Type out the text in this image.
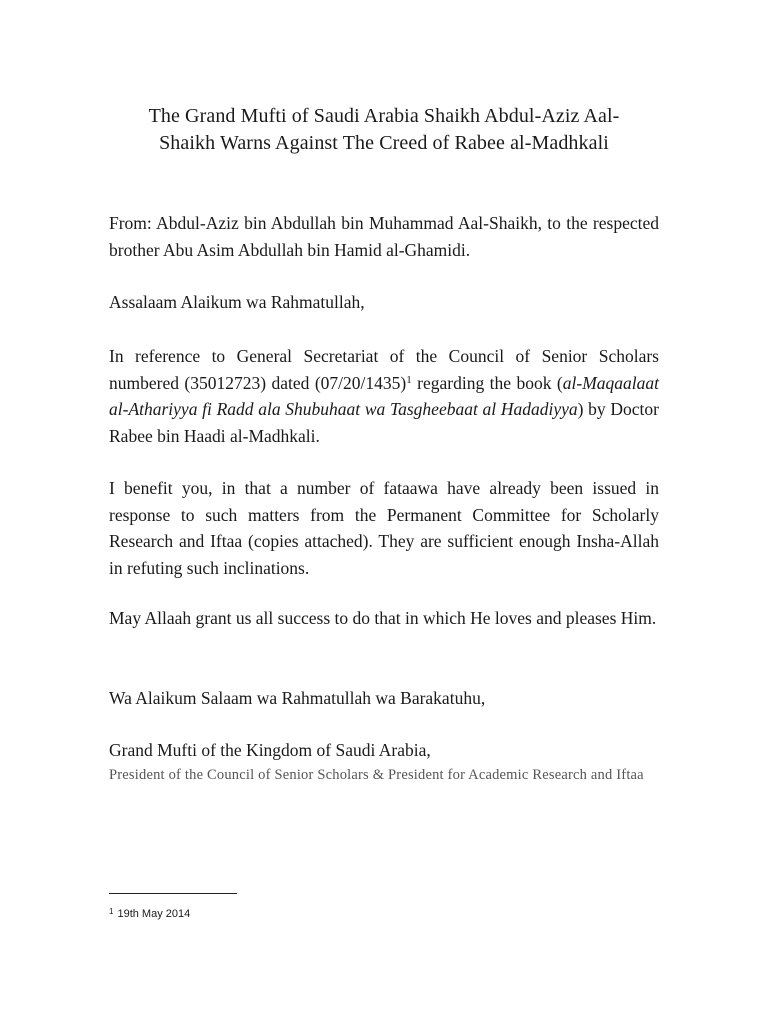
The Grand Mufti of Saudi Arabia Shaikh Abdul-Aziz Aal-
Shaikh Warns Against The Creed of Rabee al-Madhkali

From: Abdul-Aziz bin Abdullah bin Muhammad Aal-Shaikh, to the respected brother Abu Asim Abdullah bin Hamid al-Ghamidi.

Assalaam Alaikum wa Rahmatullah,

In reference to General Secretariat of the Council of Senior Scholars numbered (35012723) dated $(07/20/1435)^1$ regarding the book (al-Maqaalaat al-Athariyya fi Radd ala Shubuhaat wa Tasgheebaat al Hadadiyya) by Doctor Rabee bin Haadi al-Madhkali.

I benefit you, in that a number of fataawa have already been issued in response to such matters from the Permanent Committee for Scholarly Research and Iftaa (copies attached). They are sufficient enough Insha-Allah in refuting such inclinations.

May Allaah grant us all success to do that in which He loves and pleases Him.

Wa Alaikum Salaam wa Rahmatullah wa Barakatuhu,

Grand Mufti of the Kingdom of Saudi Arabia,

President of the Council of Senior Scholars & President for Academic Research and Iftaa

$^1$ 19th May 2014
